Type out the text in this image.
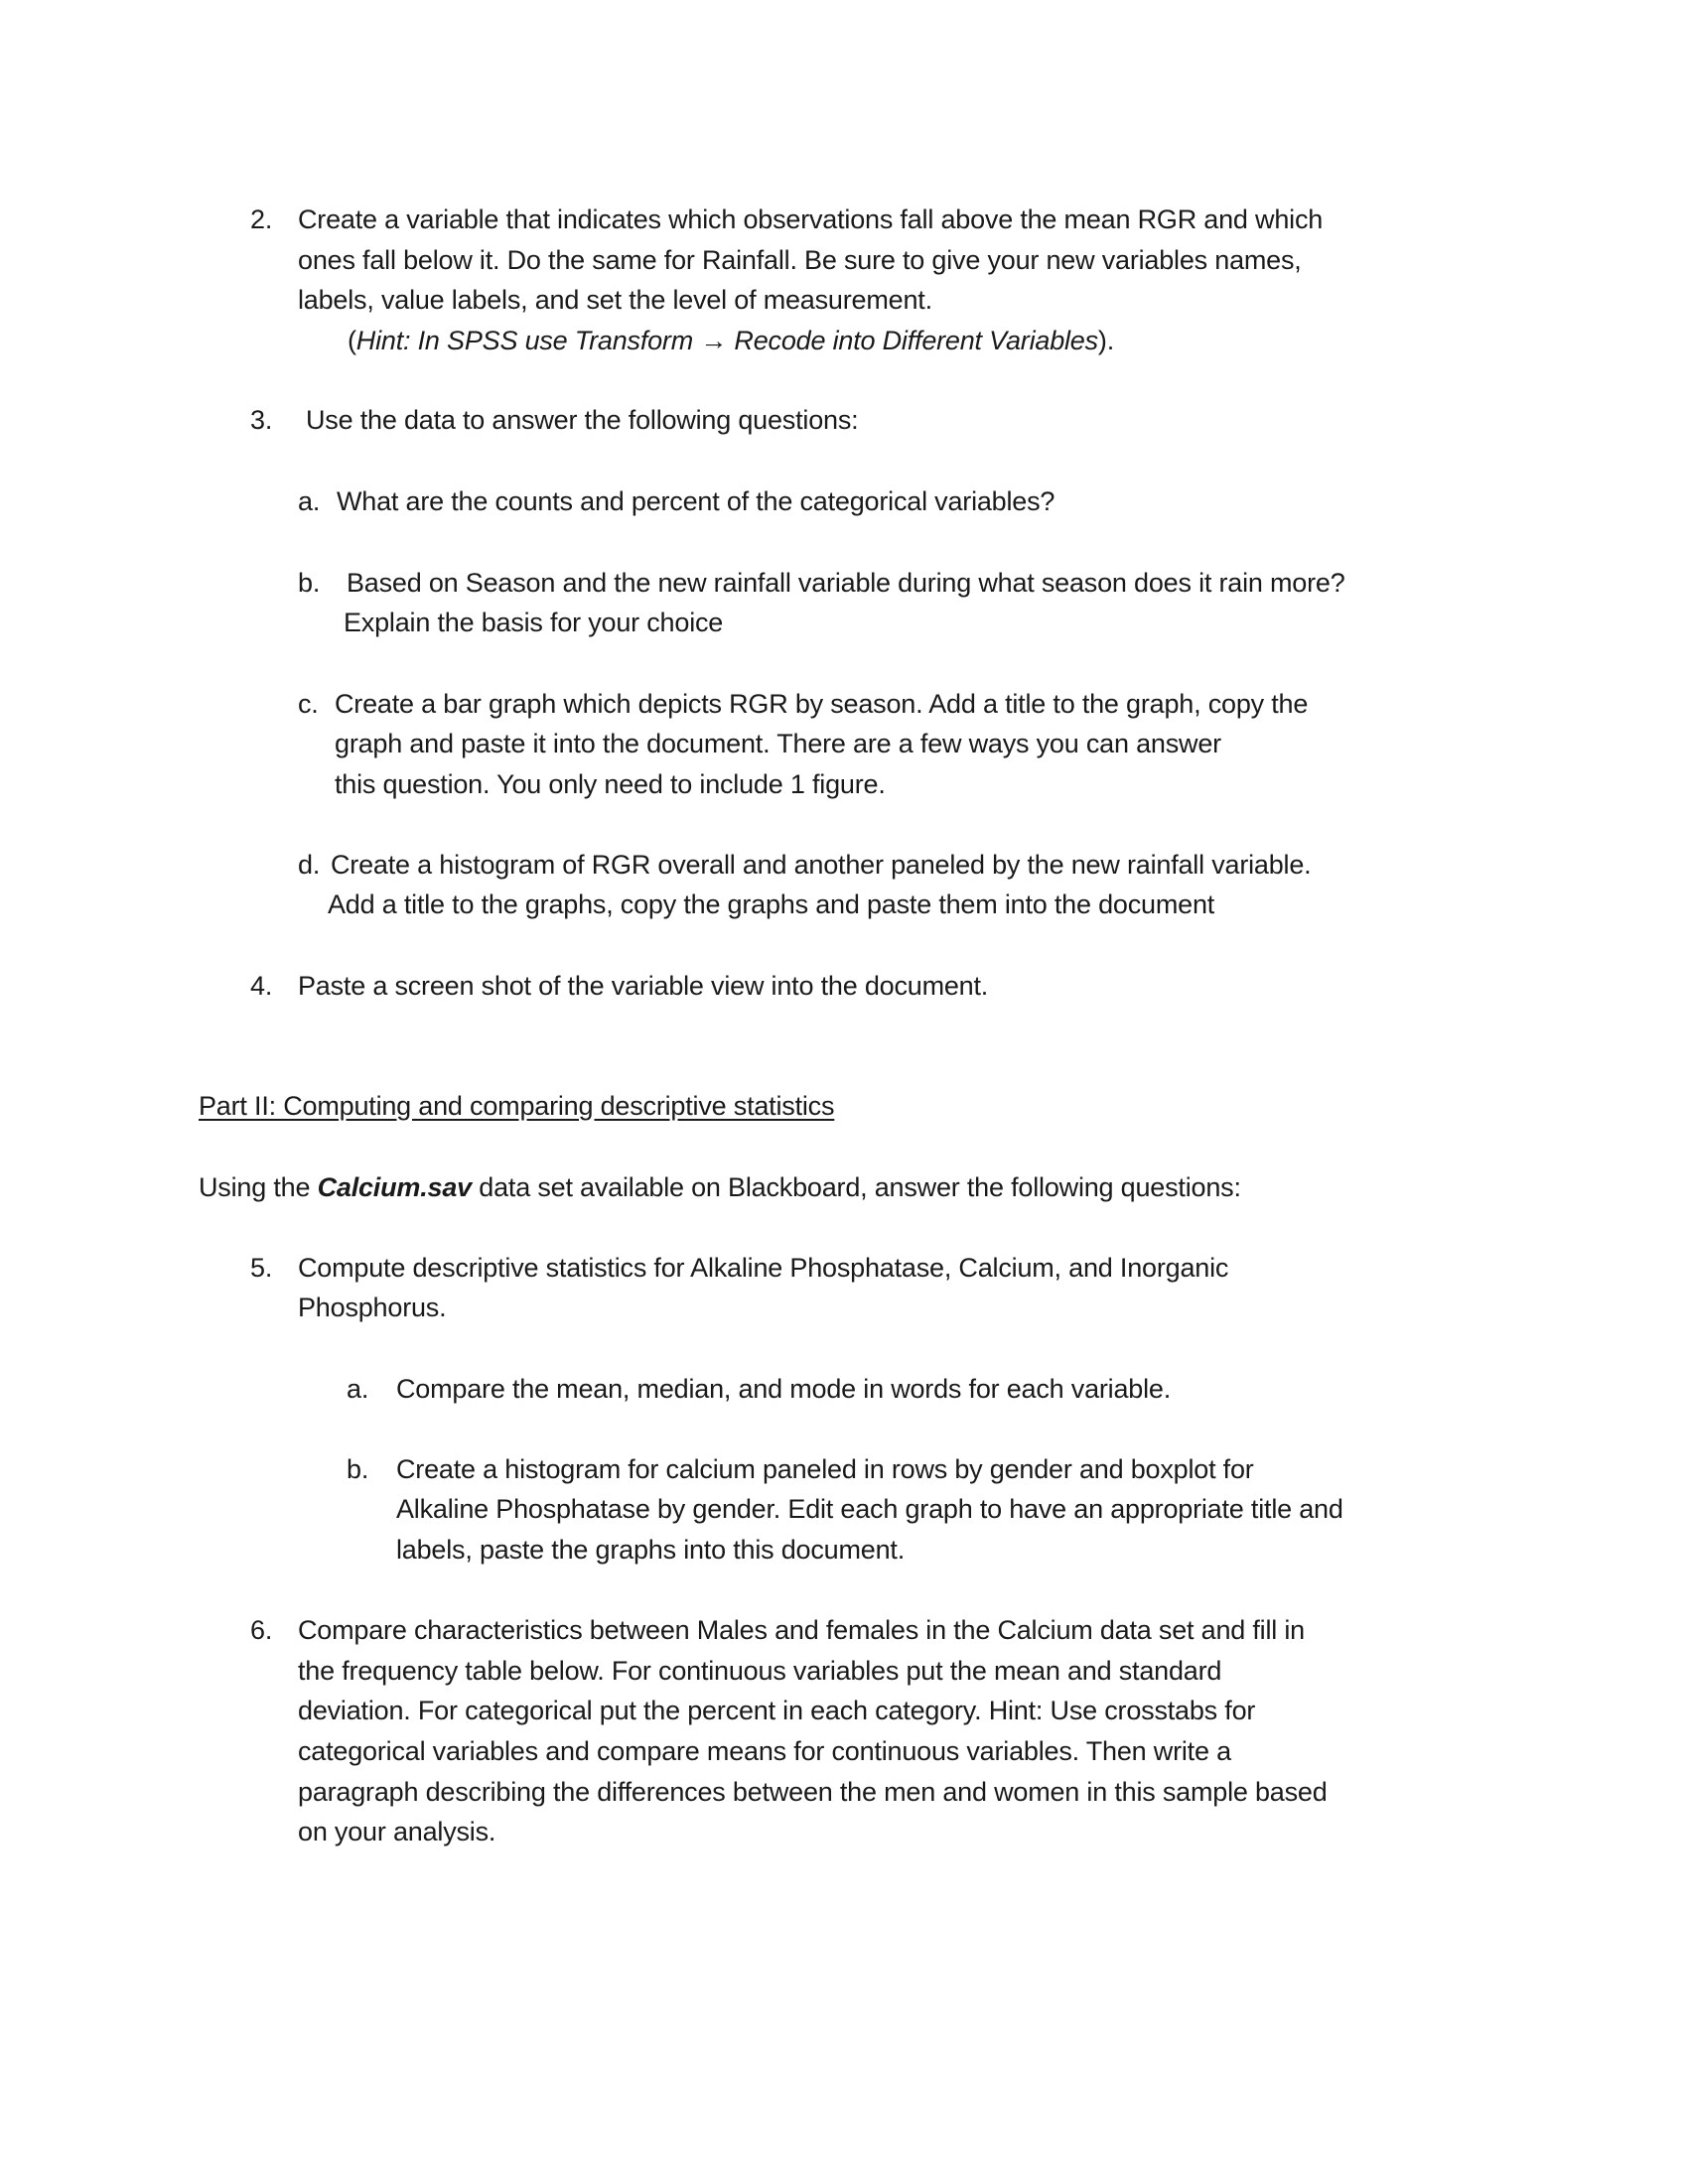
2. Create a variable that indicates which observations fall above the mean RGR and which
ones fall below it. Do the same for Rainfall. Be sure to give your new variables names,
labels, value labels, and set the level of measurement.
(Hint: In SPSS use Transform → Recode into Different Variables).
3. Use the data to answer the following questions:
a. What are the counts and percent of the categorical variables?
b. Based on Season and the new rainfall variable during what season does it rain more?
Explain the basis for your choice
c. Create a bar graph which depicts RGR by season. Add a title to the graph, copy the
graph and paste it into the document. There are a few ways you can answer
this question. You only need to include 1 figure.
d. Create a histogram of RGR overall and another paneled by the new rainfall variable.
Add a title to the graphs, copy the graphs and paste them into the document
4. Paste a screen shot of the variable view into the document.
Part II: Computing and comparing descriptive statistics
Using the Calcium.sav data set available on Blackboard, answer the following questions:
5. Compute descriptive statistics for Alkaline Phosphatase, Calcium, and Inorganic
Phosphorus.
a. Compare the mean, median, and mode in words for each variable.
b. Create a histogram for calcium paneled in rows by gender and boxplot for
Alkaline Phosphatase by gender. Edit each graph to have an appropriate title and
labels, paste the graphs into this document.
6. Compare characteristics between Males and females in the Calcium data set and fill in
the frequency table below. For continuous variables put the mean and standard
deviation. For categorical put the percent in each category. Hint: Use crosstabs for
categorical variables and compare means for continuous variables. Then write a
paragraph describing the differences between the men and women in this sample based
on your analysis.
